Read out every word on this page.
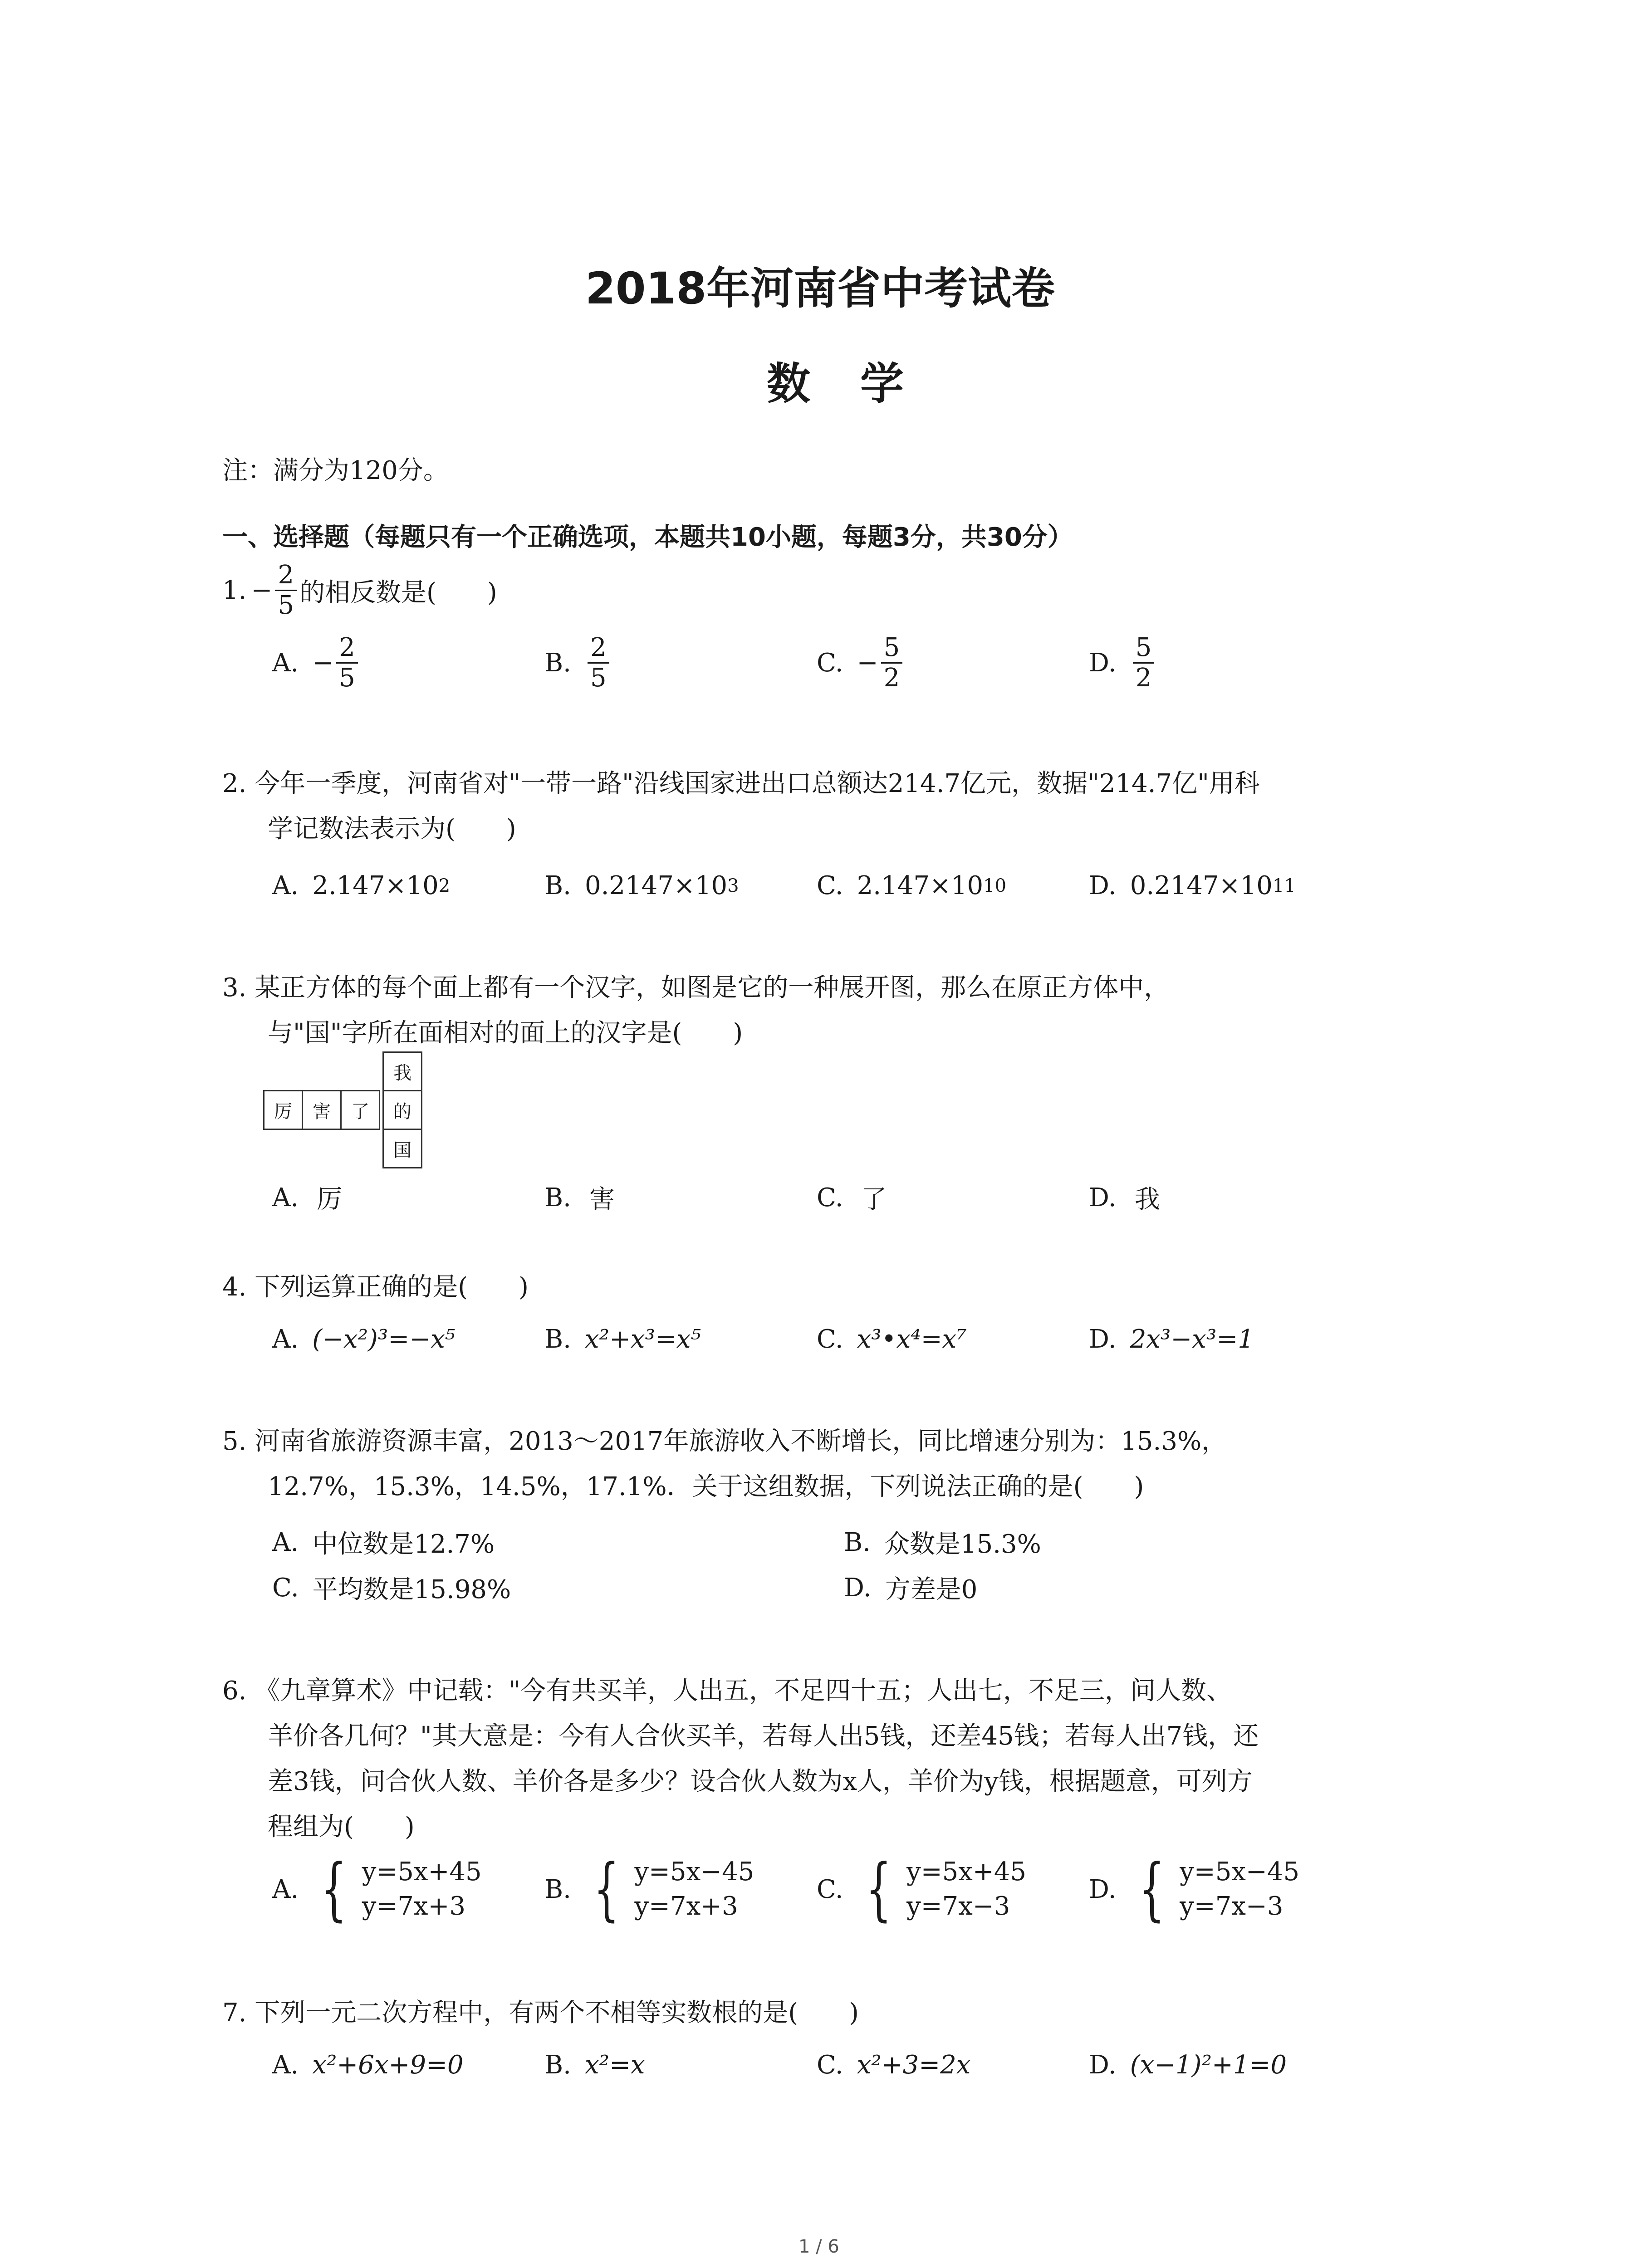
2018年河南省中考试卷
数学
注：满分为120分。
一、选择题（每题只有一个正确选项，本题共10小题，每题3分，共30分）
1. − $\frac{2}{5}$ 的相反数是(　　)
A. − $\frac{2}{5}$	B. $\frac{2}{5}$	C. − $\frac{5}{2}$	D. $\frac{5}{2}$
2. 今年一季度，河南省对"一带一路"沿线国家进出口总额达214.7亿元，数据"214.7亿"用科
学记数法表示为(　　)
A. 2.147×10 2	B. 0.2147×10 3	C. 2.147×10 10	D. 0.2147×10 11
3. 某正方体的每个面上都有一个汉字，如图是它的一种展开图，那么在原正方体中，
与"国"字所在面相对的面上的汉字是(　　)
我
厉	害	了	的
国
A. 厉	B. 害	C. 了	D. 我
4. 下列运算正确的是(　　)
A. (−x²)³=−x⁵	B. x²+x³=x⁵	C. x³•x⁴=x⁷	D. 2x³−x³=1
5. 河南省旅游资源丰富，2013～2017年旅游收入不断增长，同比增速分别为：15.3%，
12.7%，15.3%，14.5%，17.1%．关于这组数据，下列说法正确的是(　　)
A. 中位数是12.7%	B. 众数是15.3%
C. 平均数是15.98%	D. 方差是0
6. 《九章算术》中记载："今有共买羊，人出五，不足四十五；人出七，不足三，问人数、
羊价各几何？"其大意是：今有人合伙买羊，若每人出5钱，还差45钱；若每人出7钱，还
差3钱，问合伙人数、羊价各是多少？设合伙人数为x人，羊价为y钱，根据题意，可列方
程组为(　　)
A. { y=5x+45
y=7x+3
B. { y=5x−45
y=7x+3
C. { y=5x+45
y=7x−3
D. { y=5x−45
y=7x−3
7. 下列一元二次方程中，有两个不相等实数根的是(　　)
A. x²+6x+9=0	B. x²=x	C. x²+3=2x	D. (x−1)²+1=0
1 / 6
